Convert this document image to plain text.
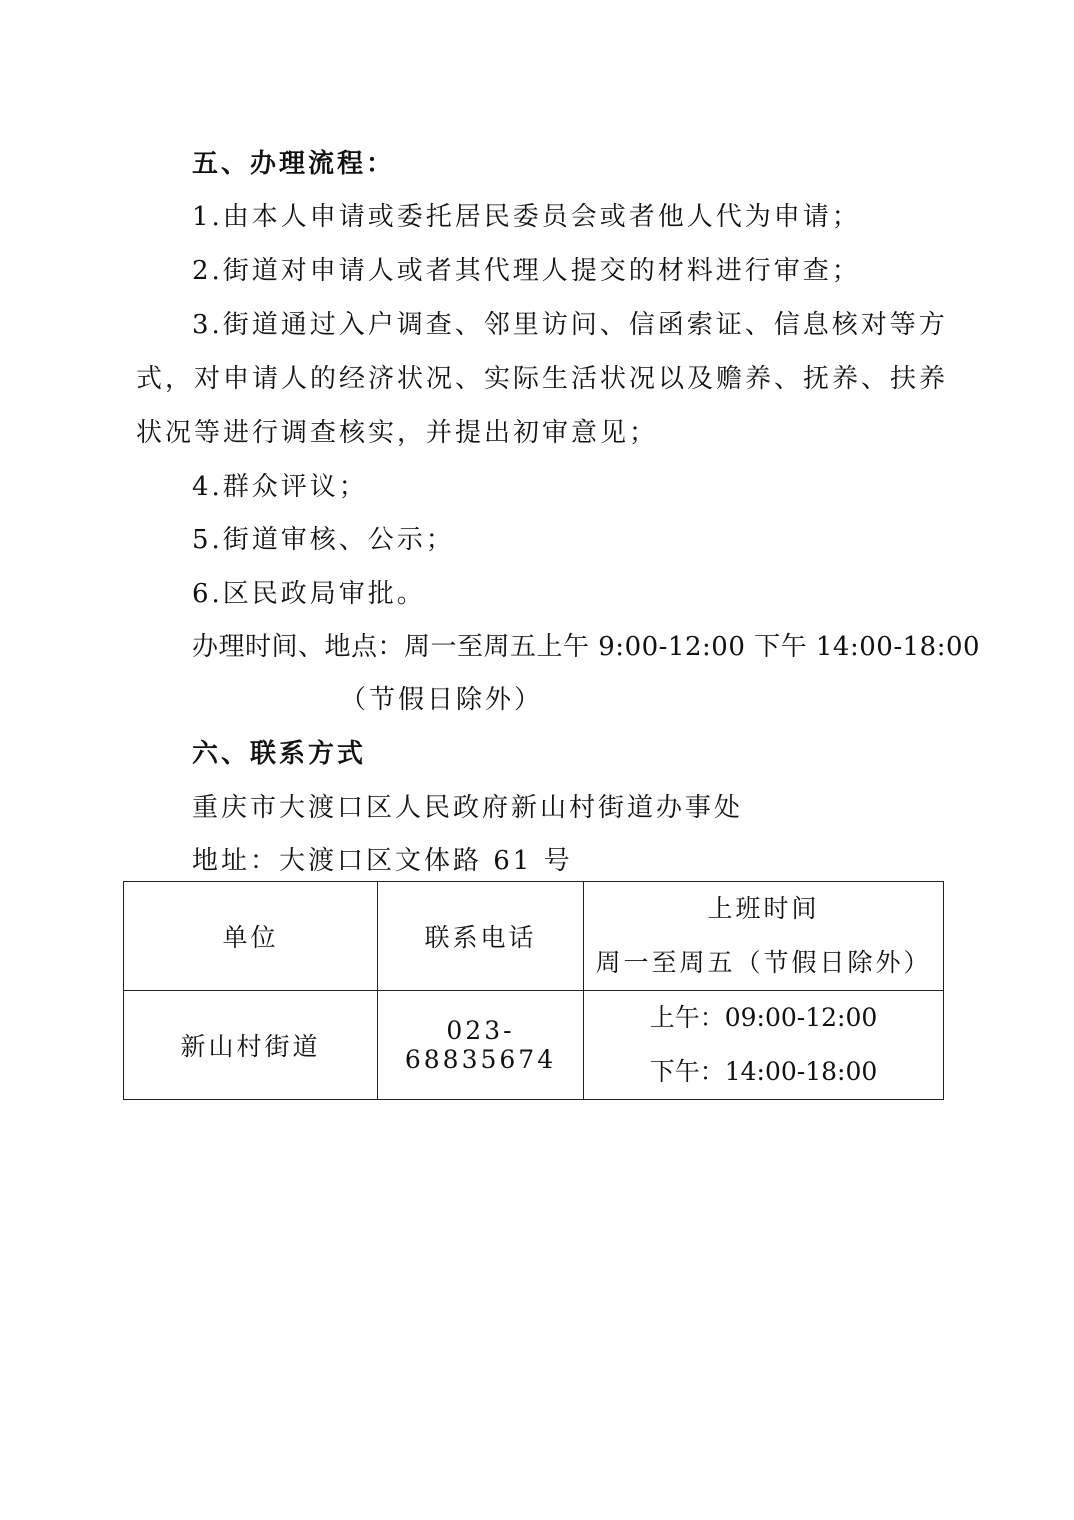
五、办理流程：
1.由本人申请或委托居民委员会或者他人代为申请；
2.街道对申请人或者其代理人提交的材料进行审查；
3.街道通过入户调查、邻里访问、信函索证、信息核对等方
式，对申请人的经济状况、实际生活状况以及赡养、抚养、扶养
状况等进行调查核实，并提出初审意见；
4.群众评议；
5.街道审核、公示；
6.区民政局审批。
办理时间、地点：周一至周五上午 9:00-12:00 下午 14:00-18:00
（节假日除外）
六、联系方式
重庆市大渡口区人民政府新山村街道办事处
地址：大渡口区文体路 61 号
单位	联系电话	上班时间
周一至周五（节假日除外）

新山村街道	023-68835674	上午：09:00-12:00
下午：14:00-18:00
